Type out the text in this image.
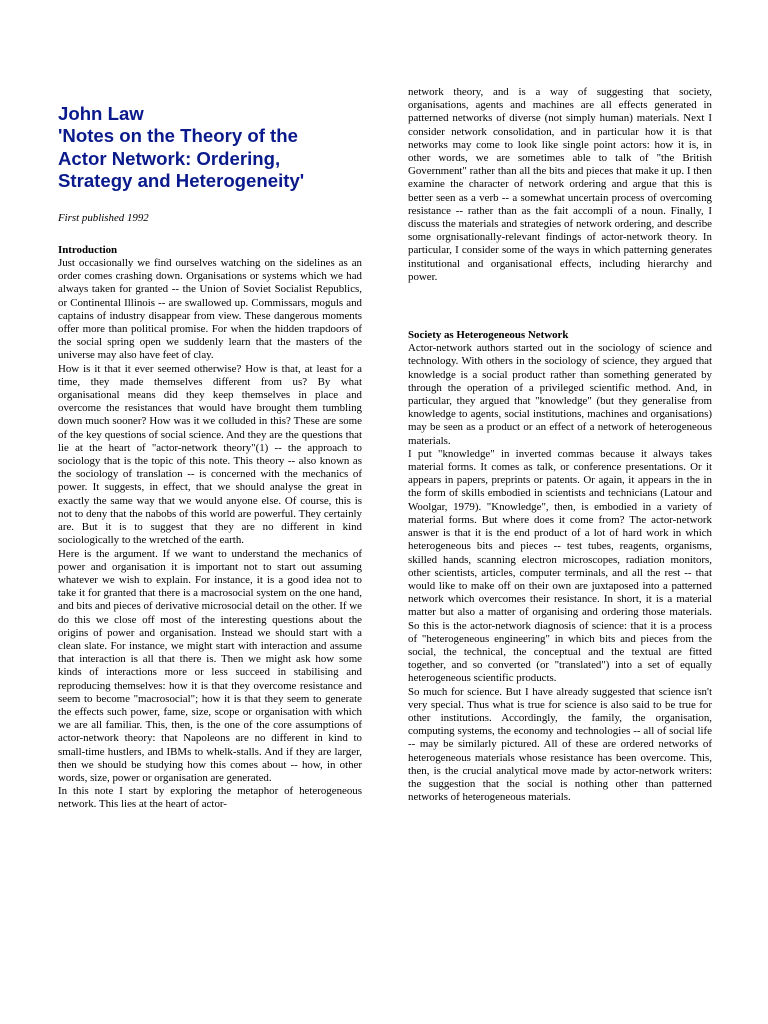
John Law
'Notes on the Theory of the
Actor Network: Ordering,
Strategy and Heterogeneity'
First published 1992
Introduction

Just occasionally we find ourselves watching on the sidelines as an order comes crashing down. Organisations or systems which we had always taken for granted -- the Union of Soviet Socialist Republics, or Continental Illinois -- are swallowed up. Commissars, moguls and captains of industry disappear from view. These dangerous moments offer more than political promise. For when the hidden trapdoors of the social spring open we suddenly learn that the masters of the universe may also have feet of clay.

How is it that it ever seemed otherwise? How is that, at least for a time, they made themselves different from us? By what organisational means did they keep themselves in place and overcome the resistances that would have brought them tumbling down much sooner? How was it we colluded in this? These are some of the key questions of social science. And they are the questions that lie at the heart of "actor-network theory"(1) -- the approach to sociology that is the topic of this note. This theory -- also known as the sociology of translation -- is concerned with the mechanics of power. It suggests, in effect, that we should analyse the great in exactly the same way that we would anyone else. Of course, this is not to deny that the nabobs of this world are powerful. They certainly are. But it is to suggest that they are no different in kind sociologically to the wretched of the earth.

Here is the argument. If we want to understand the mechanics of power and organisation it is important not to start out assuming whatever we wish to explain. For instance, it is a good idea not to take it for granted that there is a macrosocial system on the one hand, and bits and pieces of derivative microsocial detail on the other. If we do this we close off most of the interesting questions about the origins of power and organisation. Instead we should start with a clean slate. For instance, we might start with interaction and assume that interaction is all that there is. Then we might ask how some kinds of interactions more or less succeed in stabilising and reproducing themselves: how it is that they overcome resistance and seem to become "macrosocial"; how it is that they seem to generate the effects such power, fame, size, scope or organisation with which we are all familiar. This, then, is the one of the core assumptions of actor-network theory: that Napoleons are no different in kind to small-time hustlers, and IBMs to whelk-stalls. And if they are larger, then we should be studying how this comes about -- how, in other words, size, power or organisation are generated.

In this note I start by exploring the metaphor of heterogeneous network. This lies at the heart of actor-

network theory, and is a way of suggesting that society, organisations, agents and machines are all effects generated in patterned networks of diverse (not simply human) materials. Next I consider network consolidation, and in particular how it is that networks may come to look like single point actors: how it is, in other words, we are sometimes able to talk of "the British Government" rather than all the bits and pieces that make it up. I then examine the character of network ordering and argue that this is better seen as a verb -- a somewhat uncertain process of overcoming resistance -- rather than as the fait accompli of a noun. Finally, I discuss the materials and strategies of network ordering, and describe some orgnisationally-relevant findings of actor-network theory. In particular, I consider some of the ways in which patterning generates institutional and organisational effects, including hierarchy and power.

Society as Heterogeneous Network

Actor-network authors started out in the sociology of science and technology. With others in the sociology of science, they argued that knowledge is a social product rather than something generated by through the operation of a privileged scientific method. And, in particular, they argued that "knowledge" (but they generalise from knowledge to agents, social institutions, machines and organisations) may be seen as a product or an effect of a network of heterogeneous materials.

I put "knowledge" in inverted commas because it always takes material forms. It comes as talk, or conference presentations. Or it appears in papers, preprints or patents. Or again, it appears in the in the form of skills embodied in scientists and technicians (Latour and Woolgar, 1979). "Knowledge", then, is embodied in a variety of material forms. But where does it come from? The actor-network answer is that it is the end product of a lot of hard work in which heterogeneous bits and pieces -- test tubes, reagents, organisms, skilled hands, scanning electron microscopes, radiation monitors, other scientists, articles, computer terminals, and all the rest -- that would like to make off on their own are juxtaposed into a patterned network which overcomes their resistance. In short, it is a material matter but also a matter of organising and ordering those materials. So this is the actor-network diagnosis of science: that it is a process of "heterogeneous engineering" in which bits and pieces from the social, the technical, the conceptual and the textual are fitted together, and so converted (or "translated") into a set of equally heterogeneous scientific products.

So much for science. But I have already suggested that science isn't very special. Thus what is true for science is also said to be true for other institutions. Accordingly, the family, the organisation, computing systems, the economy and technologies -- all of social life -- may be similarly pictured. All of these are ordered networks of heterogeneous materials whose resistance has been overcome. This, then, is the crucial analytical move made by actor-network writers: the suggestion that the social is nothing other than patterned networks of heterogeneous materials.
